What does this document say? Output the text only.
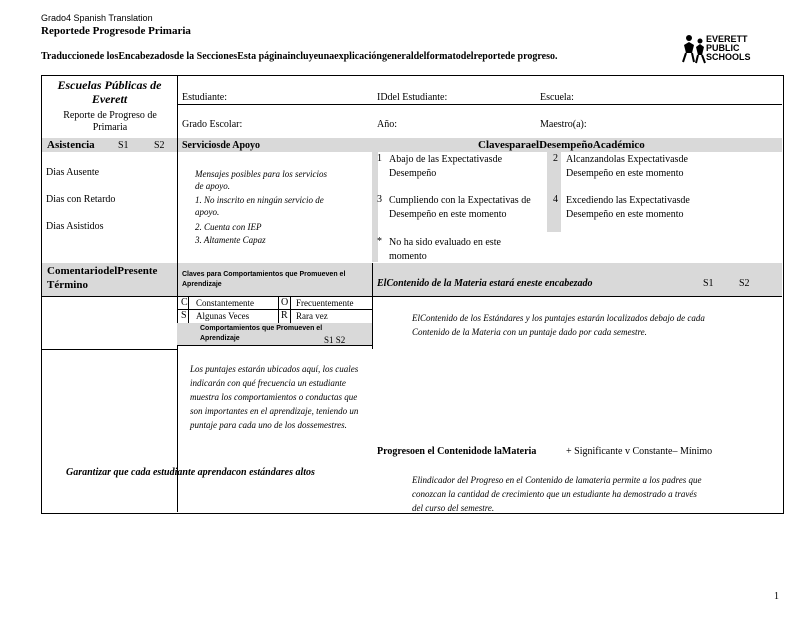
Grado4 Spanish Translation
Reportede Progresode Primaria
Traduccionede losEncabezadosde la SeccionesEsta páginaincluyeunaexplicacióngeneraldelformatodelreportede progreso.
EVERETT
PUBLIC
SCHOOLS
Escuelas Públicas de Everett
Reporte de Progreso de Primaria
Estudiante:	IDdel Estudiante:	Escuela:
Grado Escolar:	Año:	Maestro(a):
Asistencia S1	S2 Serviciosde Apoyo	ClavesparaelDesempeñoAcadémico
Dias Ausente
Dias con Retardo
Dias Asistidos
Mensajes posibles para los servicios de apoyo.
1. No inscrito en ningún servicio de apoyo.
2. Cuenta con IEP
3. Altamente Capaz
1 Abajo de las Expectativasde Desempeño
2 Alcanzandolas Expectativasde Desempeño en este momento
3 Cumpliendo con la Expectativas de Desempeño en este momento
4 Excediendo las Expectativasde Desempeño en este momento
* No ha sido evaluado en este momento
ComentariodelPresente Término
Claves para Comportamientos que Promueven el Aprendizaje	ElContenido de la Materia estará eneste encabezado	S1	S2
C Constantemente	O Frecuentemente
S Algunas Veces	R Rara vez
Comportamientos que Promueven el Aprendizaje	S1 S2
Los puntajes estarán ubicados aquí, los cuales indicarán con qué frecuencia un estudiante muestra los comportamientos o conductas que son importantes en el aprendizaje, teniendo un puntaje para cada uno de los dossemestres.
ElContenido de los Estándares y los puntajes estarán localizados debajo de cada Contenido de la Materia con un puntaje dado por cada semestre.
Progresoen el Contenidode laMateria	+ Significante v Constante– Mínimo
Elindicador del Progreso en el Contenido de lamateria permite a los padres que conozcan la cantidad de crecimiento que un estudiante ha demostrado a través del curso del semestre.
Garantizar que cada estudiante aprendacon estándares altos
1
